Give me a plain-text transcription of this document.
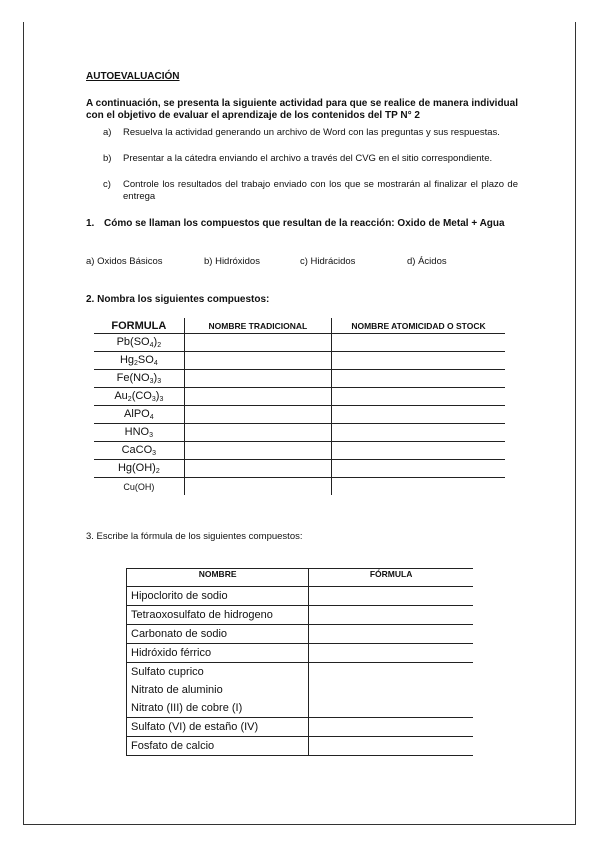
AUTOEVALUACIÓN
A continuación, se presenta la siguiente actividad para que se realice de manera individual con el objetivo de evaluar el aprendizaje de los contenidos del TP N° 2
a)	Resuelva la actividad generando un archivo de Word con las preguntas y sus respuestas.
b)	Presentar a la cátedra enviando el archivo a través del CVG en el sitio correspondiente.
c)	Controle los resultados del trabajo enviado con los que se mostrarán al finalizar el plazo de entrega
1. Cómo se llaman los compuestos que resultan de la reacción: Oxido de Metal + Agua
a) Oxidos Básicos	b) Hidróxidos	c) Hidrácidos	d) Ácidos
2. Nombra los siguientes compuestos:
FORMULA	NOMBRE TRADICIONAL	NOMBRE ATOMICIDAD O STOCK
$Pb(SO_4)_2$		
$Hg_2SO_4$		
$Fe(NO_3)_3$		
$Au_2(CO_3)_3$		
AlPO$_4$		
$HNO_3$		
CaCO$_3$		
$Hg(OH)_2$		
Cu(OH)		
3. Escribe la fórmula de los siguientes compuestos:
NOMBRE	FÓRMULA
Hipoclorito de sodio	
Tetraoxosulfato de hidrogeno	
Carbonato de sodio	
Hidróxido férrico	
Sulfato cuprico	
Nitrato de aluminio	
Nitrato (III) de cobre (I)	
Sulfato (VI) de estaño (IV)	
Fosfato de calcio	
